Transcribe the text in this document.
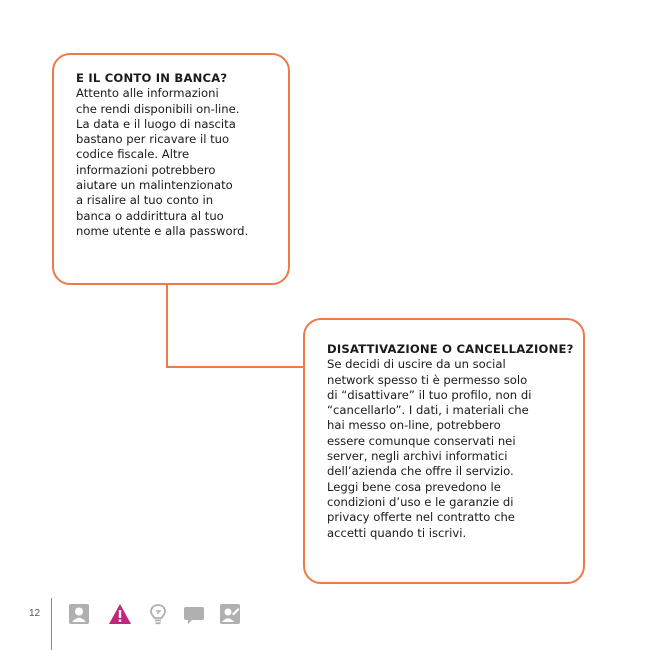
E IL CONTO IN BANCA?
Attento alle informazioni
che rendi disponibili on-line.
La data e il luogo di nascita
bastano per ricavare il tuo
codice fiscale. Altre
informazioni potrebbero
aiutare un malintenzionato
a risalire al tuo conto in
banca o addirittura al tuo
nome utente e alla password.
DISATTIVAZIONE O CANCELLAZIONE?
Se decidi di uscire da un social
network spesso ti è permesso solo
di “disattivare” il tuo profilo, non di
“cancellarlo”. I dati, i materiali che
hai messo on-line, potrebbero
essere comunque conservati nei
server, negli archivi informatici
dell’azienda che offre il servizio.
Leggi bene cosa prevedono le
condizioni d’uso e le garanzie di
privacy offerte nel contratto che
accetti quando ti iscrivi.
12
